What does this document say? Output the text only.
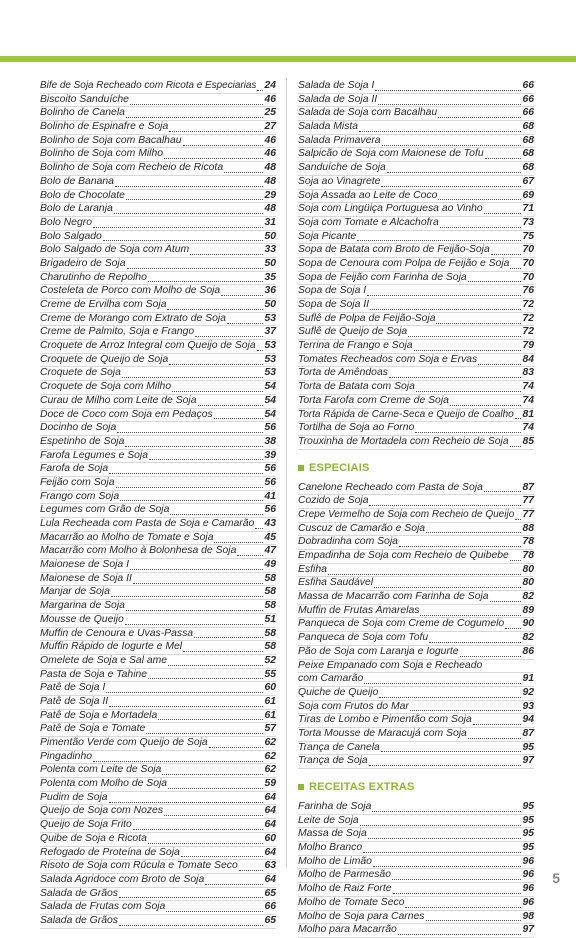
Bife de Soja Recheado com Ricota e Especiarias 24
Biscoito Sanduíche	46
Bolinho de Canela	25
Bolinho de Espinafre e Soja	27
Bolinho de Soja com Bacalhau	46
Bolinho de Soja com Milho	46
Bolinho de Soja com Recheio de Ricota	48
Bolo de Banana	48
Bolo de Chocolate	29
Bolo de Laranja	48
Bolo Negro	31
Bolo Salgado	50
Bolo Salgado de Soja com Atum	33
Brigadeiro de Soja	50
Charutinho de Repolho	35
Costeleta de Porco com Molho de Soja	36
Creme de Ervilha com Soja	50
Creme de Morango com Extrato de Soja	53
Creme de Palmito, Soja e Frango	37
Croquete de Arroz Integral com Queijo de Soja 53
Croquete de Queijo de Soja	53
Croquete de Soja	53
Croquete de Soja com Milho	54
Curau de Milho com Leite de Soja	54
Doce de Coco com Soja em Pedaços	54
Docinho de Soja	56
Espetinho de Soja	38
Farofa Legumes e Soja	39
Farofa de Soja	56
Feijão com Soja	56
Frango com Soja	41
Legumes com Grão de Soja	56
Lula Recheada com Pasta de Soja e Camarão 43
Macarrão ao Molho de Tomate e Soja	45
Macarrão com Molho à Bolonhesa de Soja	47
Maionese de Soja I	49
Maionese de Soja II	58
Manjar de Soja	58
Margarina de Soja	58
Mousse de Queijo	51
Muffin de Cenoura e Uvas-Passa	58
Muffin Rápido de Iogurte e Mel	58
Omelete de Soja e Sal ame	52
Pasta de Soja e Tahine	55
Patê de Soja I	60
Patê de Soja II	61
Patê de Soja e Mortadela	61
Patê de Soja e Tomate	57
Pimentão Verde com Queijo de Soja	62
Pingadinho	62
Polenta com Leite de Soja	62
Polenta com Molho de Soja	59
Pudim de Soja	64
Queijo de Soja com Nozes	64
Queijo de Soja Frito	64
Quibe de Soja e Ricota	60
Refogado de Proteína de Soja	64
Risoto de Soja com Rúcula e Tomate Seco	63
Salada Agridoce com Broto de Soja	64
Salada de Grãos	65
Salada de Frutas com Soja	66
Salada de Grãos	65
Salada de Soja I	66
Salada de Soja II	66
Salada de Soja com Bacalhau	66
Salada Mista	68
Salada Primavera	68
Salpicão de Soja com Maionese de Tofu	68
Sanduíche de Soja	68
Soja ao Vinagrete	67
Soja Assada ao Leite de Coco	69
Soja com Lingüiça Portuguesa ao Vinho	71
Soja com Tomate e Alcachofra	73
Soja Picante	75
Sopa de Batata com Broto de Feijão-Soja	70
Sopa de Cenoura com Polpa de Feijão e Soja 70
Sopa de Feijão com Farinha de Soja	70
Sopa de Soja I	76
Sopa de Soja II	72
Suflê de Polpa de Feijão-Soja	72
Suflê de Queijo de Soja	72
Terrina de Frango e Soja	79
Tomates Recheados com Soja e Ervas	84
Torta de Amêndoas	83
Torta de Batata com Soja	74
Torta Farofa com Creme de Soja	74
Torta Rápida de Carne-Seca e Queijo de Coalho 81
Tortilha de Soja ao Forno	74
Trouxinha de Mortadela com Recheio de Soja 85
ESPECIAIS
Canelone Recheado com Pasta de Soja	87
Cozido de Soja	77
Crepe Vermelho de Soja com Recheio de Queijo 77
Cuscuz de Camarão e Soja	88
Dobradinha com Soja	78
Empadinha de Soja com Recheio de Quibebe 78
Esfiha	80
Esfiha Saudável	80
Massa de Macarrão com Farinha de Soja	82
Muffin de Frutas Amarelas	89
Panqueca de Soja com Creme de Cogumelo 90
Panqueca de Soja com Tofu	82
Pão de Soja com Laranja e Iogurte	86
Peixe Empanado com Soja e Recheado
com Camarão	91
Quiche de Queijo	92
Soja com Frutos do Mar	93
Tiras de Lombo e Pimentão com Soja	94
Torta Mousse de Maracujá com Soja	87
Trança de Canela	95
Trança de Soja	97
RECEITAS EXTRAS
Farinha de Soja	95
Leite de Soja	95
Massa de Soja	95
Molho Branco	95
Molho de Limão	96
Molho de Parmesão	96
Molho de Raiz Forte	96
Molho de Tomate Seco	96
Molho de Soja para Carnes	98
Molho para Macarrão	97
5
